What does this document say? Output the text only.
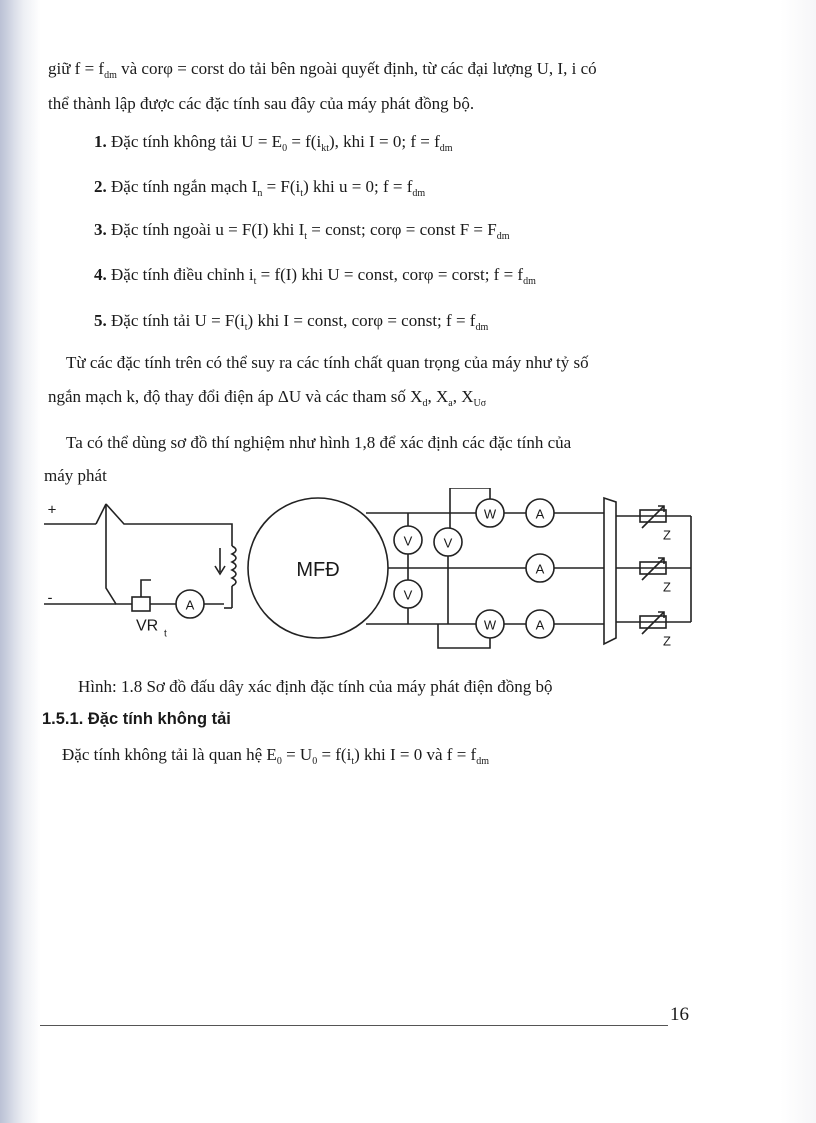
giữ $f = f_{dm}$ và corφ = corst do tải bên ngoài quyết định, từ các đại lượng U, I, i có
thể thành lập được các đặc tính sau đây của máy phát đồng bộ.
1. Đặc tính không tải $U = E_0 = f(i_{kt})$, khi I = 0; $f = f_{dm}$
2. Đặc tính ngắn mạch $I_n = F(i_t)$ khi u = 0; $f = f_{dm}$
3. Đặc tính ngoài u = F(I) khi $I_t$ = const; corφ = const $F = F_{dm}$
4. Đặc tính điều chỉnh $i_t = f(I)$ khi U = const, corφ = corst; $f = f_{dm}$
5. Đặc tính tải $U = F(i_t)$ khi I = const, corφ = const; $f = f_{dm}$
Từ các đặc tính trên có thể suy ra các tính chất quan trọng của máy như tỷ số
ngắn mạch k, độ thay đổi điện áp ΔU và các tham số $X_d$, $X_a$, $X_{U\sigma}$
Ta có thể dùng sơ đồ thí nghiệm như hình 1,8 để xác định các đặc tính của
máy phát
+
-
MFĐ
A
V V
V
W
W
A
A
A
Z
Z
Z
VR t
Hình: 1.8 Sơ đồ đấu dây xác định đặc tính của máy phát điện đồng bộ
1.5.1. Đặc tính không tải
Đặc tính không tải là quan hệ $E_0 = U_0 = f(i_t)$ khi I = 0 và $f = f_{dm}$
16
